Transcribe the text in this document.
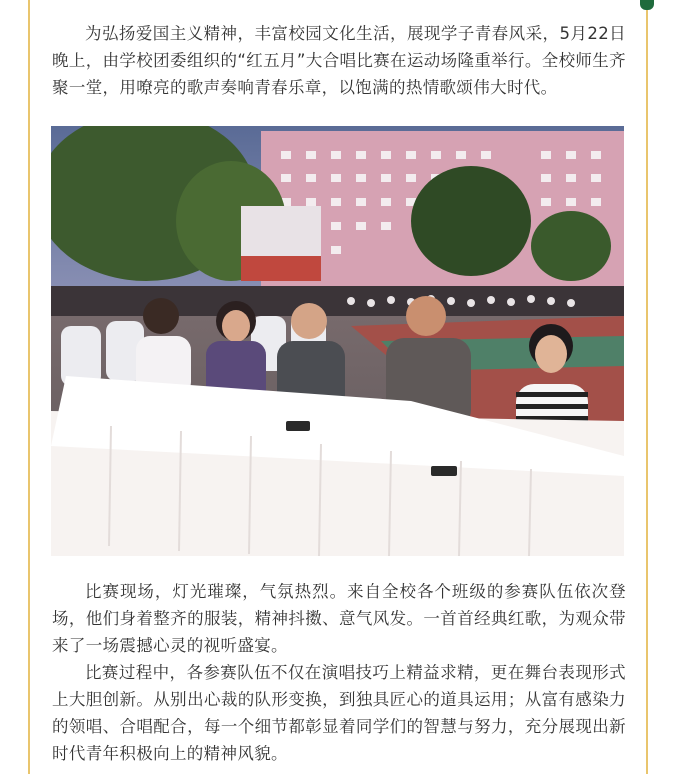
为弘扬爱国主义精神，丰富校园文化生活，展现学子青春风采，5月22日晚上，由学校团委组织的“红五月”大合唱比赛在运动场隆重举行。全校师生齐聚一堂，用嘹亮的歌声奏响青春乐章，以饱满的热情歌颂伟大时代。

比赛现场，灯光璀璨，气氛热烈。来自全校各个班级的参赛队伍依次登场，他们身着整齐的服装，精神抖擞、意气风发。一首首经典红歌，为观众带来了一场震撼心灵的视听盛宴。

比赛过程中，各参赛队伍不仅在演唱技巧上精益求精，更在舞台表现形式上大胆创新。从别出心裁的队形变换，到独具匠心的道具运用；从富有感染力的领唱、合唱配合，每一个细节都彰显着同学们的智慧与努力，充分展现出新时代青年积极向上的精神风貌。
